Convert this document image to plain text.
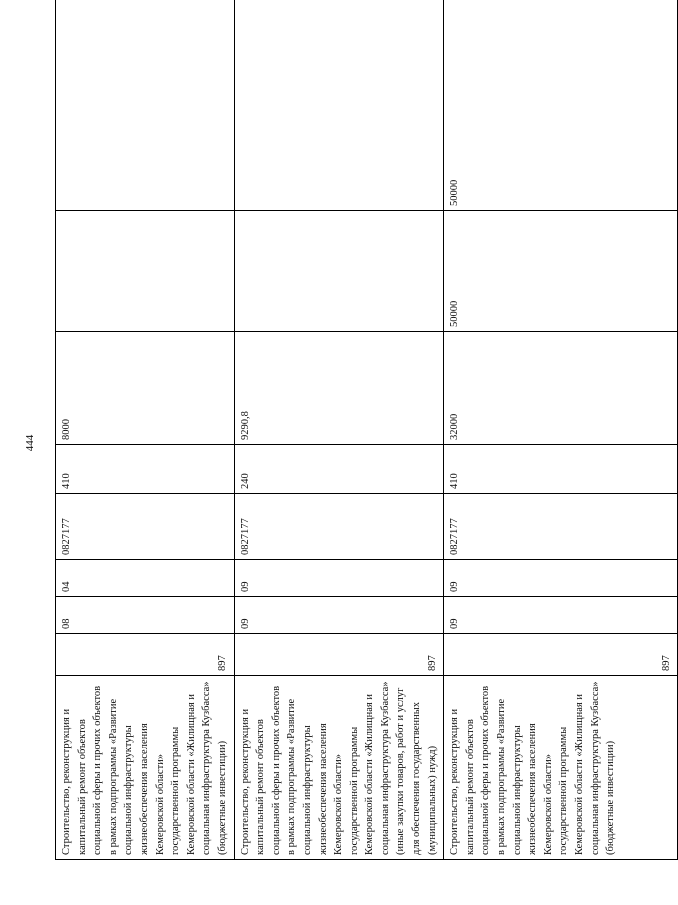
444
Строительство, реконструкция и капитальный ремонт объектов социальной сферы и прочих объектов в рамках подпрограммы «Развитие социальной инфраструктуры жизнеобеспечения населения Кемеровской области» государственной программы Кемеровской области «Жилищная и социальная инфраструктура Кузбасса» (бюджетные инвестиции)	897	08	04	0827177	410	8000		
Строительство, реконструкция и капитальный ремонт объектов социальной сферы и прочих объектов в рамках подпрограммы «Развитие социальной инфраструктуры жизнеобеспечения населения Кемеровской области» государственной программы Кемеровской области «Жилищная и социальная инфраструктура Кузбасса» (иные закупки товаров, работ и услуг для обеспечения государственных (муниципальных) нужд)	897	09	09	0827177	240	9290,8		
Строительство, реконструкция и капитальный ремонт объектов социальной сферы и прочих объектов в рамках подпрограммы «Развитие социальной инфраструктуры жизнеобеспечения населения Кемеровской области» государственной программы Кемеровской области «Жилищная и социальная инфраструктура Кузбасса» (бюджетные инвестиции)	897	09	09	0827177	410	32000	50000	50000
